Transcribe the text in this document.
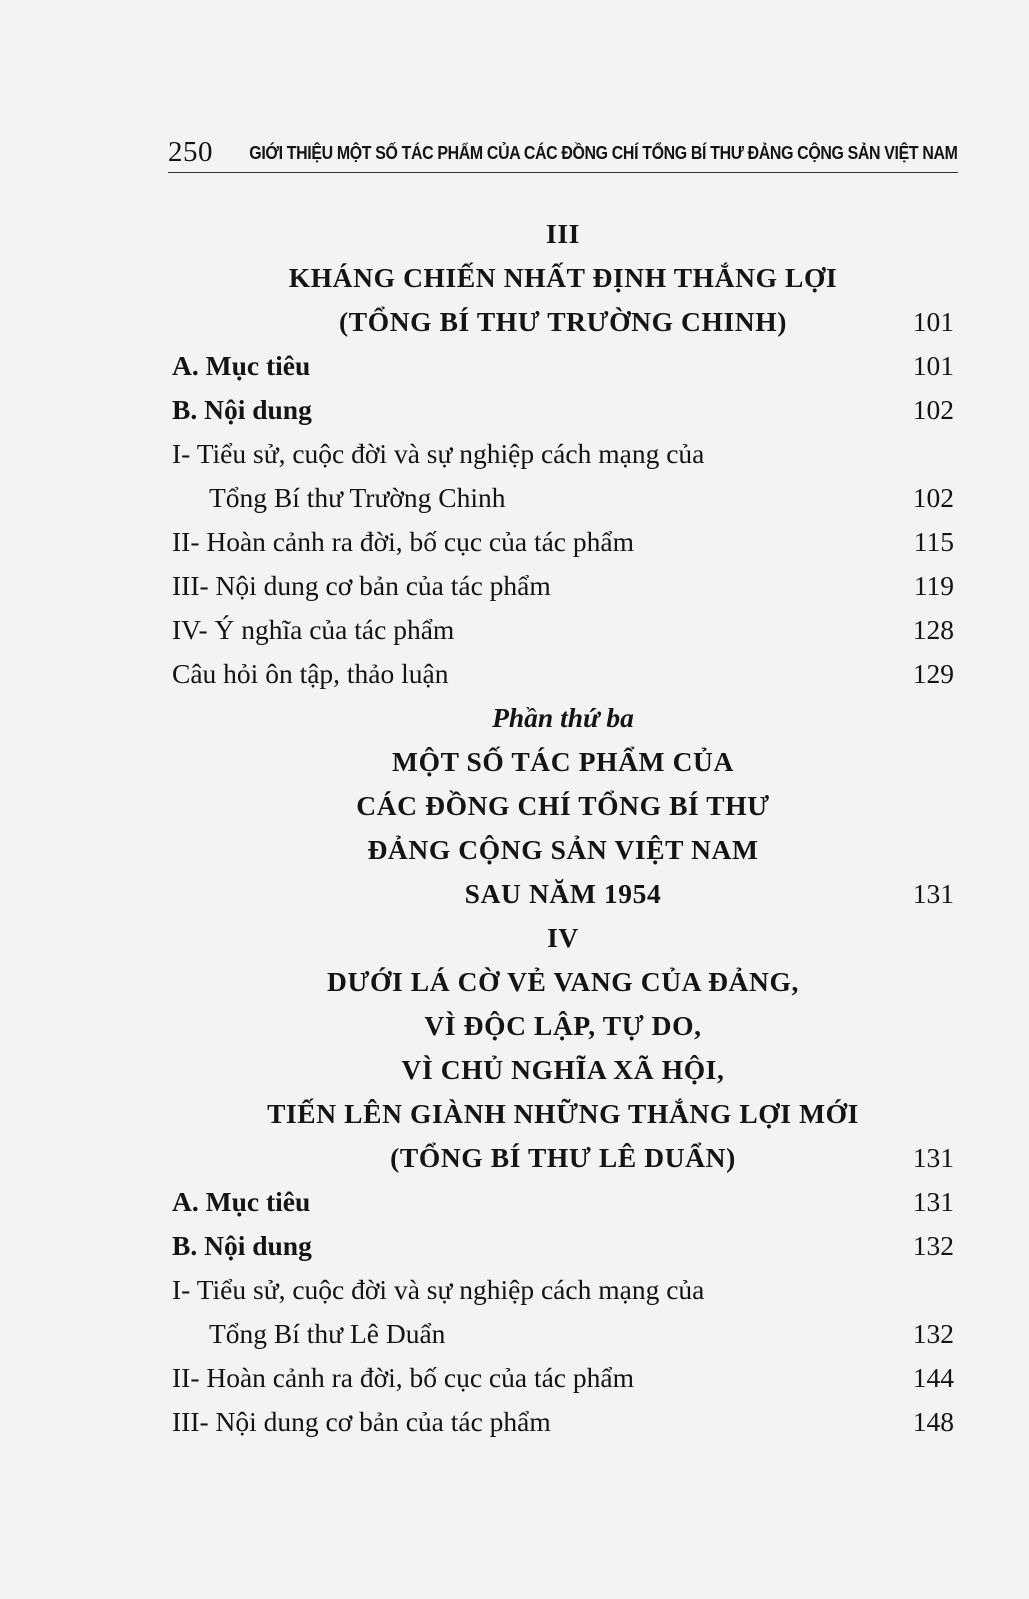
250 GIỚI THIỆU MỘT SỐ TÁC PHẨM CỦA CÁC ĐỒNG CHÍ TỔNG BÍ THƯ ĐẢNG CỘNG SẢN VIỆT NAM
III
KHÁNG CHIẾN NHẤT ĐỊNH THẮNG LỢI
(TỔNG BÍ THƯ TRƯỜNG CHINH)	101
A. Mục tiêu	101
B. Nội dung	102
I- Tiểu sử, cuộc đời và sự nghiệp cách mạng của
Tổng Bí thư Trường Chinh	102
II- Hoàn cảnh ra đời, bố cục của tác phẩm	115
III- Nội dung cơ bản của tác phẩm	119
IV- Ý nghĩa của tác phẩm	128
Câu hỏi ôn tập, thảo luận	129
Phần thứ ba
MỘT SỐ TÁC PHẨM CỦA
CÁC ĐỒNG CHÍ TỔNG BÍ THƯ
ĐẢNG CỘNG SẢN VIỆT NAM
SAU NĂM 1954	131
IV
DƯỚI LÁ CỜ VẺ VANG CỦA ĐẢNG,
VÌ ĐỘC LẬP, TỰ DO,
VÌ CHỦ NGHĨA XÃ HỘI,
TIẾN LÊN GIÀNH NHỮNG THẮNG LỢI MỚI
(TỔNG BÍ THƯ LÊ DUẨN)	131
A. Mục tiêu	131
B. Nội dung	132
I- Tiểu sử, cuộc đời và sự nghiệp cách mạng của
Tổng Bí thư Lê Duẩn	132
II- Hoàn cảnh ra đời, bố cục của tác phẩm	144
III- Nội dung cơ bản của tác phẩm	148
